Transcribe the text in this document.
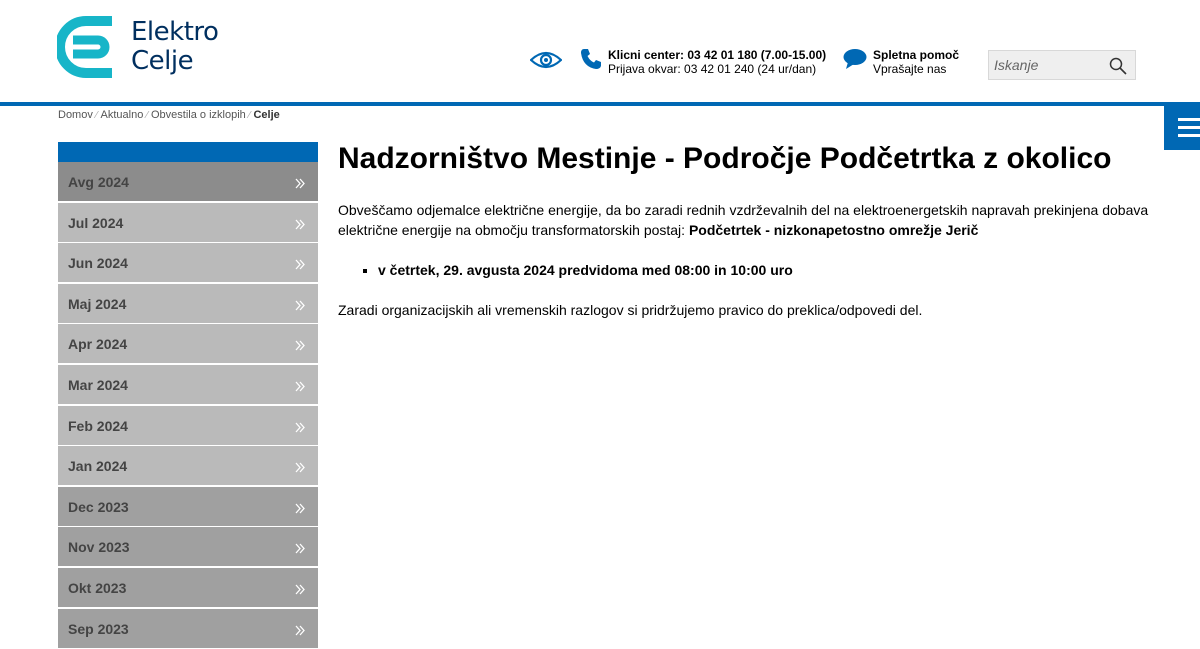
Elektro
Celje	Klicni center: 03 42 01 180 (7.00-15.00)
Prijava okvar: 03 42 01 240 (24 ur/dan)
Spletna pomoč
Vprašajte nas
Iskanje
Domov ⁄ Aktualno ⁄ Obvestila o izklopih ⁄ Celje
Avg 2024
Jul 2024
Jun 2024
Maj 2024
Apr 2024
Mar 2024
Feb 2024
Jan 2024
Dec 2023
Nov 2023
Okt 2023
Sep 2023
Nadzorništvo Mestinje - Področje Podčetrtka z okolico

Obveščamo odjemalce električne energije, da bo zaradi rednih vzdrževalnih del na elektroenergetskih napravah prekinjena dobava električne energije na območju transformatorskih postaj: Podčetrtek - nizkonapetostno omrežje Jerič

▪ v četrtek, 29. avgusta 2024 predvidoma med 08:00 in 10:00 uro

Zaradi organizacijskih ali vremenskih razlogov si pridržujemo pravico do preklica/odpovedi del.
